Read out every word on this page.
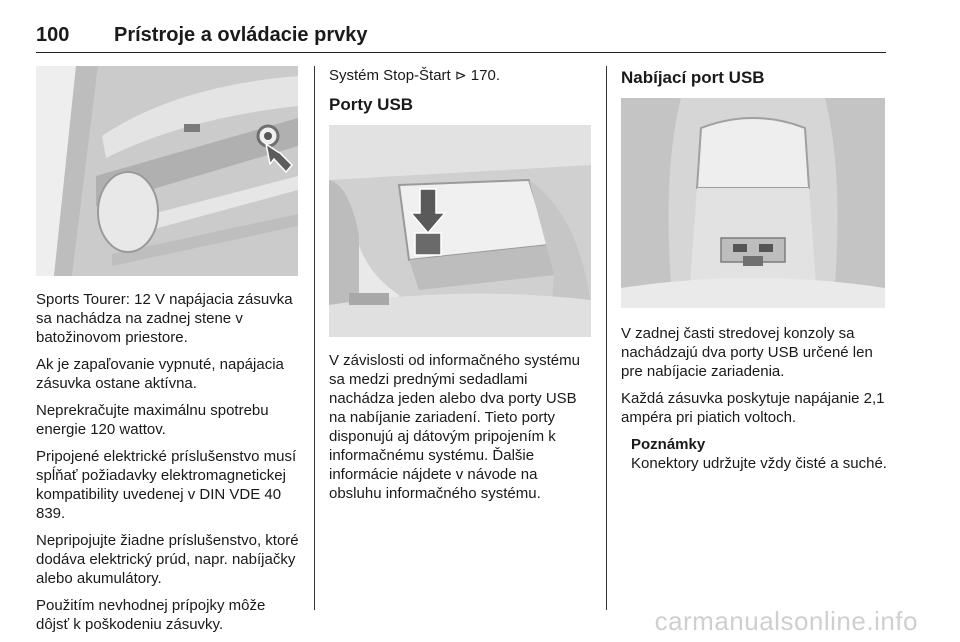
100 Prístroje a ovládacie prvky

Sports Tourer: 12 V napájacia zásuvka sa nachádza na zadnej stene v batožinovom priestore.

Ak je zapaľovanie vypnuté, napájacia zásuvka ostane aktívna.

Neprekračujte maximálnu spotrebu energie 120 wattov.

Pripojené elektrické príslušenstvo musí spĺňať požiadavky elektromagnetickej kompatibility uvedenej v DIN VDE 40 839.

Nepripojujte žiadne príslušenstvo, ktoré dodáva elektrický prúd, napr. nabíjačky alebo akumulátory.

Použitím nevhodnej prípojky môže dôjsť k poškodeniu zásuvky.

Systém Stop-Štart ⊳ 170.

Porty USB

V závislosti od informačného systému sa medzi prednými sedadlami nachádza jeden alebo dva porty USB na nabíjanie zariadení. Tieto porty disponujú aj dátovým pripojením k informačnému systému. Ďalšie informácie nájdete v návode na obsluhu informačného systému.

Nabíjací port USB

V zadnej časti stredovej konzoly sa nachádzajú dva porty USB určené len pre nabíjacie zariadenia.

Každá zásuvka poskytuje napájanie 2,1 ampéra pri piatich voltoch.

Poznámky

Konektory udržujte vždy čisté a suché.

carmanualsonline.info
